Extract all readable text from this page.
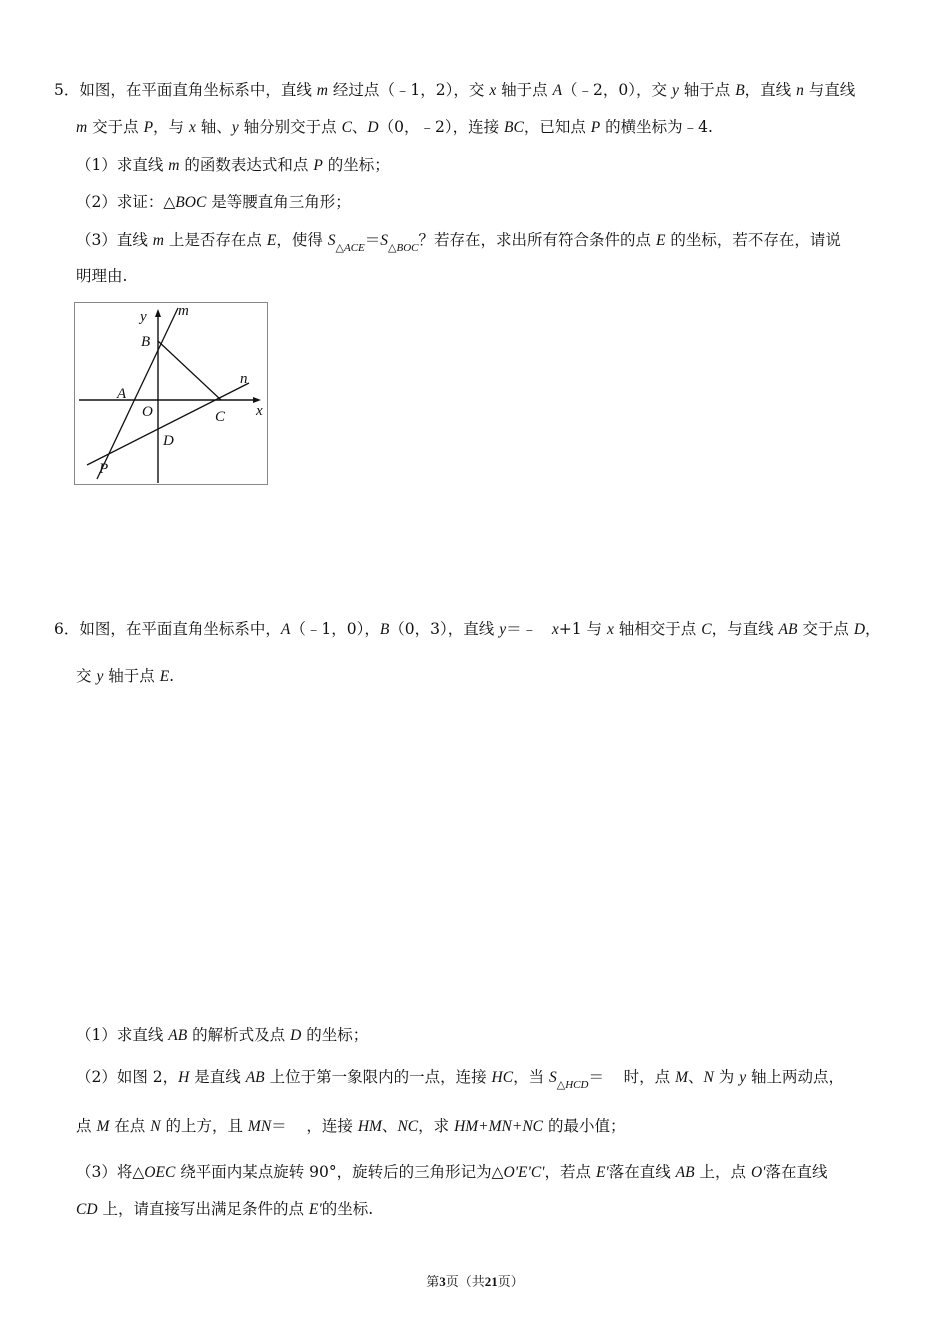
5．如图，在平面直角坐标系中，直线 m 经过点（﹣1，2），交 x 轴于点 A（﹣2，0），交 y 轴于点 B，直线 n 与直线
m 交于点 P，与 x 轴、y 轴分别交于点 C、D（0，﹣2），连接 BC，已知点 P 的横坐标为﹣4.
（1）求直线 m 的函数表达式和点 P 的坐标；
（2）求证：△BOC 是等腰直角三角形；
（3）直线 m 上是否存在点 E，使得 $S_{\triangle ACE}=S_{\triangle BOC}$？若存在，求出所有符合条件的点 E 的坐标，若不存在，请说
明理由.
y m
B
n
A
O	C x
D
P
6．如图，在平面直角坐标系中，A（﹣1，0），B（0，3），直线 y＝﹣   x+1 与 x 轴相交于点 C，与直线 AB 交于点 D，
交 y 轴于点 E.
（1）求直线 AB 的解析式及点 D 的坐标；
（2）如图 2，H 是直线 AB 上位于第一象限内的一点，连接 HC，当 $S_{\triangle HCD}=$    时，点 M、N 为 y 轴上两动点，
点 M 在点 N 的上方，且 MN＝    ，连接 HM、NC，求 HM+MN+NC 的最小值；
（3）将△OEC 绕平面内某点旋转 90°，旋转后的三角形记为△O'E'C'，若点 E'落在直线 AB 上，点 O'落在直线
CD 上，请直接写出满足条件的点 E'的坐标.
第3页（共21页）
